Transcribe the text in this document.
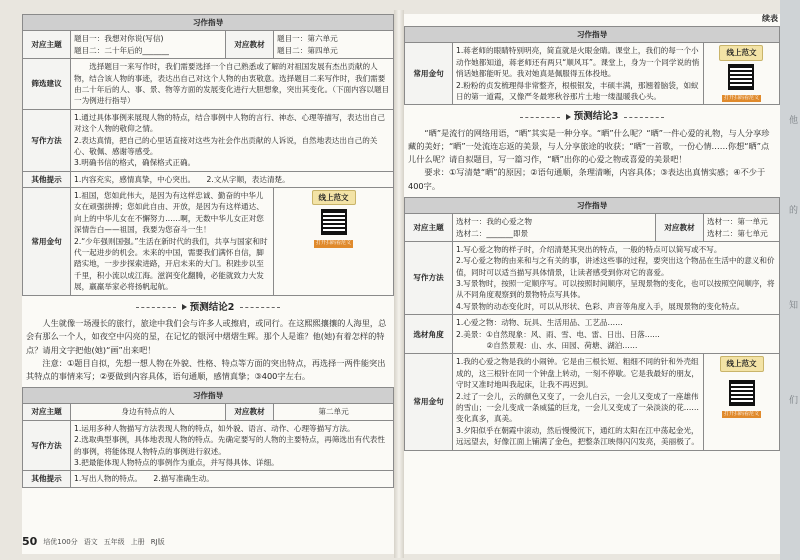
他
的
知
们
习作指导			
对应主题	题目一：我想对你说(写信)
题目二：二十年后的_______	对应教材	题目一：第六单元
题目二：第四单元

筛选建议	选择题目一来写作时，我们需要选择一个自己熟悉或了解的对祖国发展有杰出贡献的人物，结合该人物的事迹，表达出自己对这个人物的由衷敬意。选择题目二来写作时，我们需要由二十年后的人、事、景、物等方面的发展变化进行大胆想象，突出其变化。（下面内容以题目一为例进行指导）		
写作方法	1.通过具体事例来展现人物的特点，结合事例中人物的言行、神态、心理等描写，表达出自己对这个人物的敬仰之情。
2.表达真情，把自己的心里话直接对这些为社会作出贡献的人诉说，自然地表达出自己的关心、敬佩、感谢等感受。
3.明确书信的格式，确保格式正确。		

其他提示	1.内容充实，感情真挚，中心突出。　　2.文从字顺，表达清楚。		
常用金句	1.祖国，您如此伟大，是因为有这样忠诚、勤奋的中华儿女在顽强拼搏；您如此自由、开放，是因为有这样通达、向上的中华儿女在不懈努力……啊，无数中华儿女正对您深情告白——祖国，我要为您奋斗一生！
2.“少年强则国强。”生活在新时代的我们，共享与国家和时代一起进步的机会。未来的中国，需要我们满怀自信，脚踏实地，一步步探索进路，开启未来的大门。积跬步以至千里，积小流以成江海。滋润变化翻腾，必能就致力大发展，羸羸举家必将扬帆起航。		线上范文
打开扫码看范文
预测结论2

人生就像一场漫长的旅行，旅途中我们会与许多人或擦肩，或同行。在这熙熙攘攘的人海里，总会有那么一个人，如夜空中闪亮的星，在记忆的银河中熠熠生辉。那个人是谁？他(她)有着怎样的特点？请用文字把他(她)“画”出来吧！

注意：①题目自拟，先想一想人物在外貌、性格、特点等方面的突出特点，再选择一两件能突出其特点的事情来写；②要做到内容具体，语句通顺，感情真挚；③400字左右。

习作指导			
对应主题	身边有特点的人	对应教材	第二单元
写作方法	1.运用多种人物描写方法表现人物的特点，如外貌、语言、动作、心理等描写方法。
2.选取典型事例，具体地表现人物的特点。先确定要写的人物的主要特点，再筛选出有代表性的事例，将能体现人物特点的事例进行叙述。
3.把最能体现人物特点的事例作为重点，并写得具体、详细。		

其他提示	1.写出人物的特点。　　2.描写准确生动。		
50 培优100分 语文 五年级 上册 RJ版
续表
习作指导
常用金句	
1.蒋老师的眼睛特别明亮，简直就是火眼金睛。课堂上，我们的每一个小动作她都知道，蒋老师还有两只“顺风耳”。课堂上，身为一个同学说的悄悄话她都能听见。我对她真是佩服得五体投地。
2.粉粉的贞发梳理得非常整齐，根根银发，丰硕丰满，那翘着脑袋，如蚁日的第一道霞，又像严冬最寒秋谷那片土地一缕温暖我心头。
	线上范文
打开扫码看范文
预测结论3

“晒”是流行的网络用语，“晒”其实是一种分享。“晒”什么呢？“晒”一件心爱的礼物，与人分享珍藏的美好；“晒”一处流连忘返的美景，与人分享旅途的收获；“晒”一首歌，一份心情……你想“晒”点儿什么呢？请自拟题目，写一篇习作，“晒”出你的心爱之物或喜爱的美景吧！

要求：①写清楚“晒”的原因；②语句通顺，条理清晰，内容具体；③表达出真情实感；④不少于400字。

习作指导			
对应主题	选材一：我的心爱之物
选材二：_______即景	对应教材	选材一：第一单元
选材二：第七单元

写作方法	1.写心爱之物的样子时，介绍清楚其突出的特点，一般的特点可以简写或不写。
2.写心爱之物的由来和与之有关的事，讲述这些事的过程，要突出这个物品在生活中的意义和价值，同时可以适当描写具体情景，让读者感受到你对它的喜爱。
3.写景物时，按照一定顺序写。可以按照时间顺序，呈现景物的变化，也可以按照空间顺序，将从不同角度观察到的景物特点写具体。
4.写景物的动态变化时，可以从形状、色彩、声音等角度入手，展现景物的变化特点。		

选材角度	1.心爱之物：动物、玩具、生活用品、工艺品……
2.美景：①自然现象：风、雨、雪、电、雷、日出、日落……
　　　　②自然景观：山、水、田园、荷塘、湖泊……		

常用金句	1.我的心爱之物是我的小闹钟。它是由三根长短、粗细不同的针和外壳组成的，这三根针在同一个钟盘上转动，一刻不停歇。它是我最好的朋友，守时又准时地叫我起床，让我不再迟到。
2.过了一会儿，云的颜色又变了，一会儿白云，一会儿又变成了一座雄伟的雪山；一会儿变成一条威猛的巨龙，一会儿又变成了一朵淡淡的花……变化真多，真美。
3.夕阳似乎在朝霞中滚动，然后慢慢沉下，通红的太阳在江中荡起金光，远远望去，好像江面上铺满了金色，把整条江映得闪闪发亮，美丽极了。		线上范文
打开扫码看范文
